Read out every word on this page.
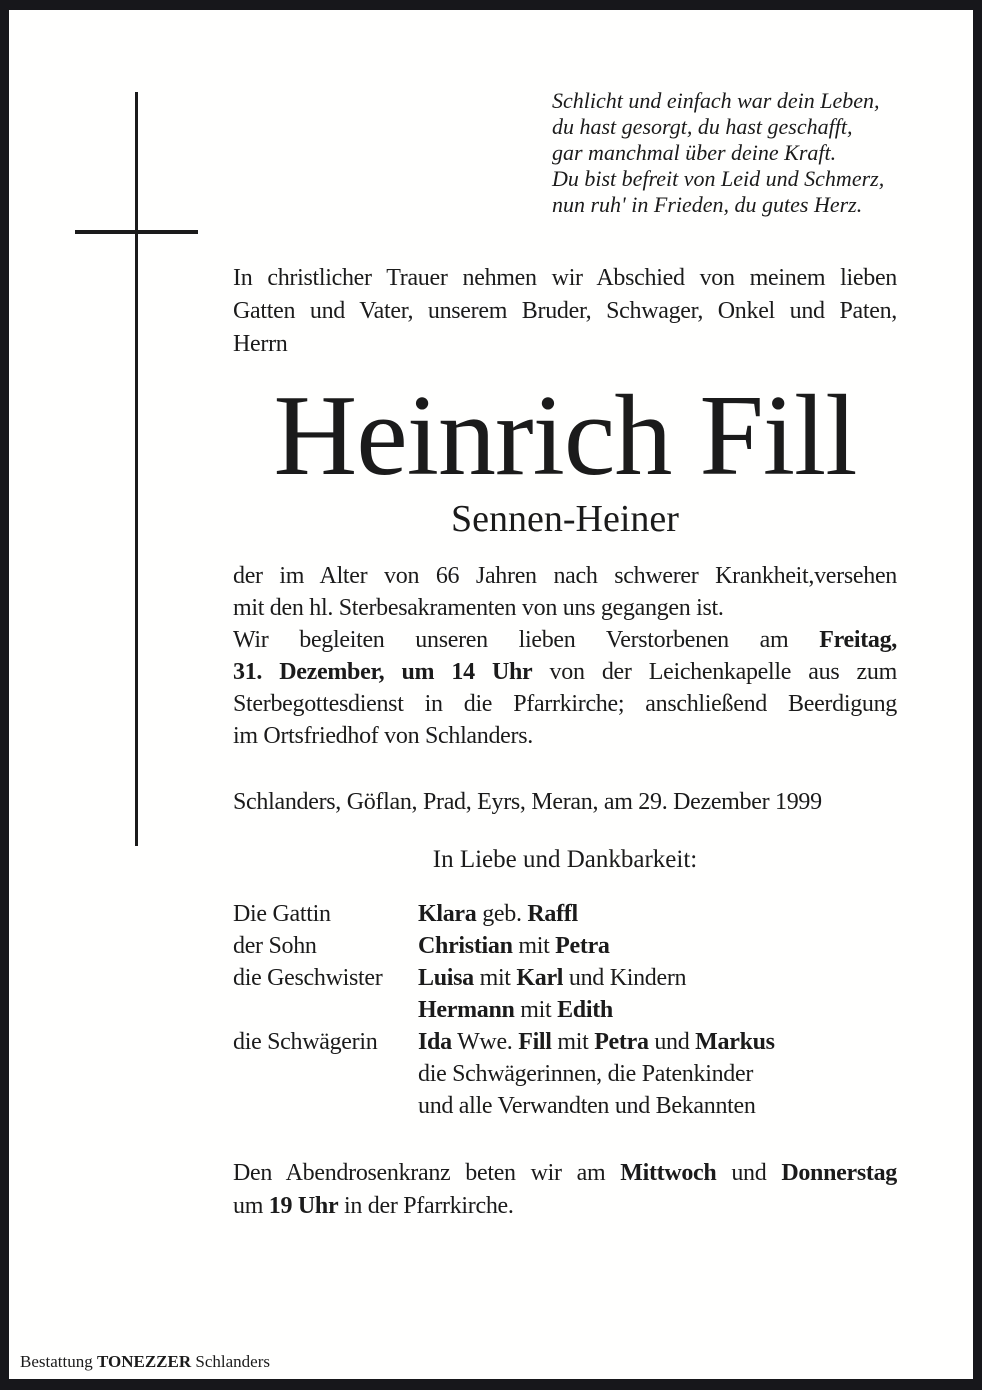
Schlicht und einfach war dein Leben,
du hast gesorgt, du hast geschafft,
gar manchmal über deine Kraft.
Du bist befreit von Leid und Schmerz,
nun ruh' in Frieden, du gutes Herz.
In christlicher Trauer nehmen wir Abschied von meinem lieben
Gatten und Vater, unserem Bruder, Schwager, Onkel und Paten,
Herrn
Heinrich Fill
Sennen-Heiner
der im Alter von 66 Jahren nach schwerer Krankheit,versehen
mit den hl. Sterbesakramenten von uns gegangen ist.
Wir begleiten unseren lieben Verstorbenen am Freitag,
31. Dezember, um 14 Uhr von der Leichenkapelle aus zum
Sterbegottesdienst in die Pfarrkirche; anschließend Beerdigung
im Ortsfriedhof von Schlanders.
Schlanders, Göflan, Prad, Eyrs, Meran, am 29. Dezember 1999
In Liebe und Dankbarkeit:
Die Gattin	Klara geb. Raffl
der Sohn	Christian mit Petra
die Geschwister	Luisa mit Karl und Kindern
Hermann mit Edith
die Schwägerin	Ida Wwe. Fill mit Petra und Markus
die Schwägerinnen, die Patenkinder
und alle Verwandten und Bekannten
Den Abendrosenkranz beten wir am Mittwoch und Donnerstag
um 19 Uhr in der Pfarrkirche.
Bestattung TONEZZER Schlanders
